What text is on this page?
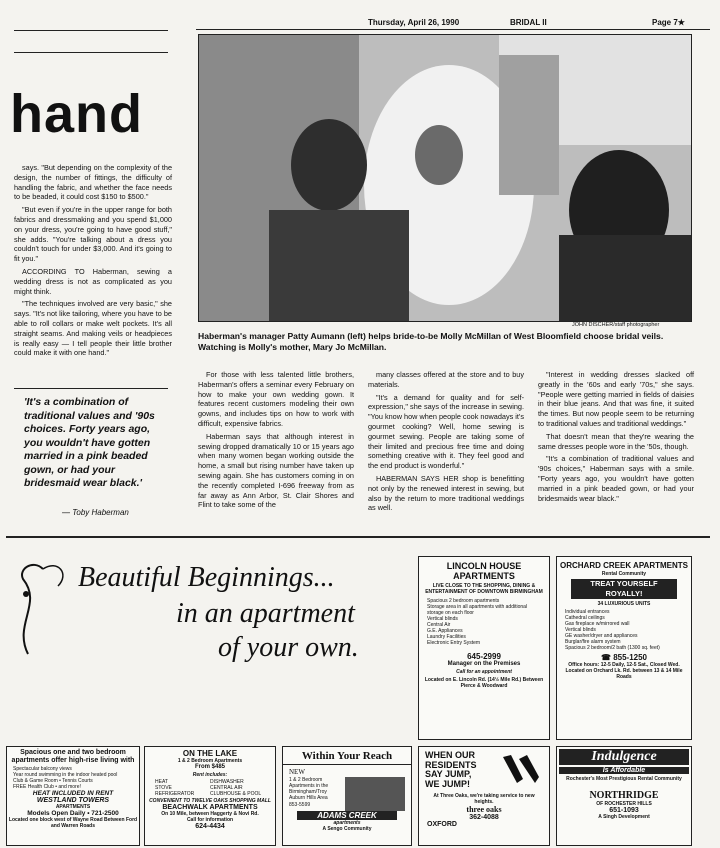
Thursday, April 26, 1990	BRIDAL II	Page 7★
hand

says. "But depending on the complexity of the design, the number of fittings, the difficulty of handling the fabric, and whether the face needs to be beaded, it could cost $150 to $500."

"But even if you're in the upper range for both fabrics and dressmaking and you spend $1,000 on your dress, you're going to have good stuff," she adds. "You're talking about a dress you couldn't touch for under $3,000. And it's going to fit you."

ACCORDING TO Haberman, sewing a wedding dress is not as complicated as you might think.

"The techniques involved are very basic," she says. "It's not like tailoring, where you have to be able to roll collars or make welt pockets. It's all straight seams. And making veils or headpieces is really easy — I tell people their little brother could make it with one hand."

'It's a combination of traditional values and '90s choices. Forty years ago, you wouldn't have gotten married in a pink beaded gown, or had your bridesmaid wear black.'
— Toby Haberman
JOHN DISCHER/staff photographer
Haberman's manager Patty Aumann (left) helps bride-to-be Molly McMillan of West Bloomfield choose bridal veils. Watching is Molly's mother, Mary Jo McMillan.

For those with less talented little brothers, Haberman's offers a seminar every February on how to make your own wedding gown. It features recent customers modeling their own gowns, and includes tips on how to work with difficult, expensive fabrics.

Haberman says that although interest in sewing dropped dramatically 10 or 15 years ago when many women began working outside the home, a small but rising number have taken up sewing again. She has customers coming in on the recently completed I-696 freeway from as far away as Ann Arbor, St. Clair Shores and Flint to take some of the

many classes offered at the store and to buy materials.

"It's a demand for quality and for self-expression," she says of the increase in sewing. "You know how when people cook nowadays it's gourmet cooking? Well, home sewing is gourmet sewing. People are taking some of their limited and precious free time and doing something creative with it. They feel good and the end product is wonderful."

HABERMAN SAYS HER shop is benefitting not only by the renewed interest in sewing, but also by the return to more traditional weddings as well.

"Interest in wedding dresses slacked off greatly in the '60s and early '70s," she says. "People were getting married in fields of daisies in their blue jeans. And that was fine, it suited the times. But now people seem to be returning to traditional values and traditional weddings."

That doesn't mean that they're wearing the same dresses people wore in the '50s, though.

"It's a combination of traditional values and '90s choices," Haberman says with a smile. "Forty years ago, you wouldn't have gotten married in a pink beaded gown, or had your bridesmaids wear black."

Beautiful Beginnings...
in an apartment
of your own.
LINCOLN HOUSE APARTMENTS
LIVE CLOSE TO THE SHOPPING, DINING & ENTERTAINMENT OF DOWNTOWN BIRMINGHAM
Spacious 2 bedroom apartments
Storage area in all apartments with additional storage on each floor
Vertical blinds
Central Air
G.E. Appliances
Laundry Facilities
Electronic Entry System
645-2999
Manager on the Premises
Call for an appointment
Located on E. Lincoln Rd. (14½ Mile Rd.) Between Pierce & Woodward
ORCHARD CREEK APARTMENTS
Rental Community
TREAT YOURSELF ROYALLY!
34 LUXURIOUS UNITS
Individual entrances
Cathedral ceilings
Gas fireplace w/mirrored wall
Vertical blinds
GE washer/dryer and appliances
Burglar/fire alarm system
Spacious 2 bedroom/2 bath (1300 sq. feet)
☎ 855-1250
Office hours: 12-5 Daily, 12-5 Sat., Closed Wed.
Located on Orchard Lk. Rd. between 13 & 14 Mile Roads
Spacious one and two bedroom apartments offer high-rise living with
Spectacular balcony views
Year round swimming in the indoor heated pool
Club & Game Room • Tennis Courts
FREE Health Club • and more!
HEAT INCLUDED IN RENT
WESTLAND TOWERS
APARTMENTS
Models Open Daily • 721-2500
Located one block west of Wayne Road Between Ford and Warren Roads
ON THE LAKE
1 & 2 Bedroom Apartments
From $485
Rent includes:
HEAT	DISHWASHER
STOVE	CENTRAL AIR
REFRIGERATOR	CLUBHOUSE & POOL
CONVENIENT TO TWELVE OAKS SHOPPING MALL
BEACHWALK APARTMENTS
On 10 Mile, between Haggerty & Novi Rd.
Call for information
624-4434
Within Your Reach
NEW
1 & 2 Bedroom Apartments in the Birmingham/Troy Auburn Hills Area
853-5599
ADAMS CREEK
apartments
A Sengo Community
WHEN OUR RESIDENTS SAY JUMP, WE JUMP!
At Three Oaks, we're taking service to new heights.
three oaks
362-4088
OXFORD
Indulgence
Is Affordable
Rochester's Most Prestigious Rental Community
NORTHRIDGE
OF ROCHESTER HILLS
651-1093
A Singh Development
